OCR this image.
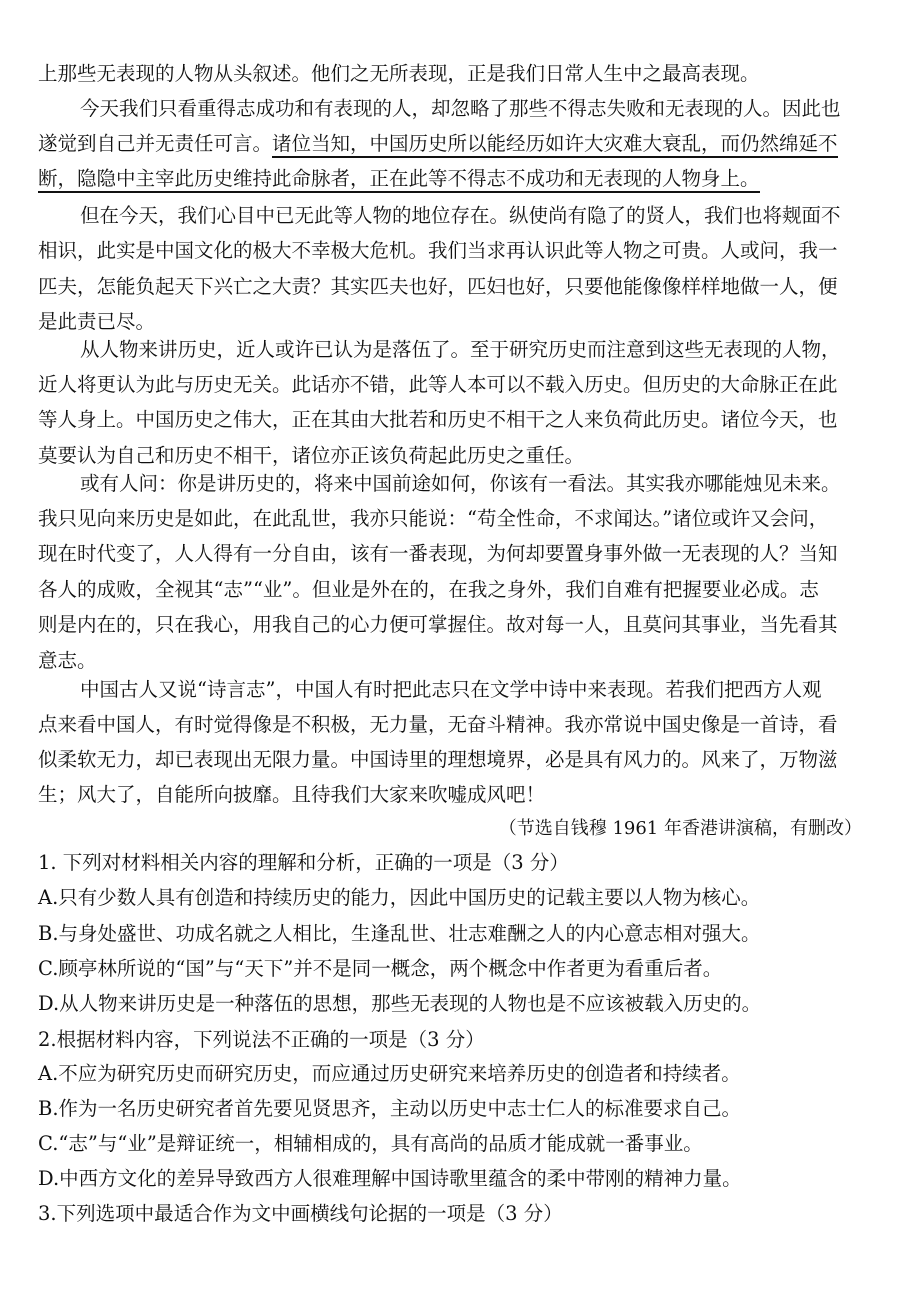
上那些无表现的人物从头叙述。他们之无所表现，正是我们日常人生中之最高表现。
今天我们只看重得志成功和有表现的人，却忽略了那些不得志失败和无表现的人。因此也
遂觉到自己并无责任可言。诸位当知，中国历史所以能经历如许大灾难大衰乱，而仍然绵延不
断，隐隐中主宰此历史维持此命脉者，正在此等不得志不成功和无表现的人物身上。
但在今天，我们心目中已无此等人物的地位存在。纵使尚有隐了的贤人，我们也将觌面不
相识，此实是中国文化的极大不幸极大危机。我们当求再认识此等人物之可贵。人或问，我一
匹夫，怎能负起天下兴亡之大责？其实匹夫也好，匹妇也好，只要他能像像样样地做一人，便
是此责已尽。
从人物来讲历史，近人或许已认为是落伍了。至于研究历史而注意到这些无表现的人物，
近人将更认为此与历史无关。此话亦不错，此等人本可以不载入历史。但历史的大命脉正在此
等人身上。中国历史之伟大，正在其由大批若和历史不相干之人来负荷此历史。诸位今天，也
莫要认为自己和历史不相干，诸位亦正该负荷起此历史之重任。
或有人问：你是讲历史的，将来中国前途如何，你该有一看法。其实我亦哪能烛见未来。
我只见向来历史是如此，在此乱世，我亦只能说：“苟全性命，不求闻达。”诸位或许又会问，
现在时代变了，人人得有一分自由，该有一番表现，为何却要置身事外做一无表现的人？当知
各人的成败，全视其“志”“业”。但业是外在的，在我之身外，我们自难有把握要业必成。志
则是内在的，只在我心，用我自己的心力便可掌握住。故对每一人，且莫问其事业，当先看其
意志。
中国古人又说“诗言志”，中国人有时把此志只在文学中诗中来表现。若我们把西方人观
点来看中国人，有时觉得像是不积极，无力量，无奋斗精神。我亦常说中国史像是一首诗，看
似柔软无力，却已表现出无限力量。中国诗里的理想境界，必是具有风力的。风来了，万物滋
生；风大了，自能所向披靡。且待我们大家来吹嘘成风吧！
（节选自钱穆 1961 年香港讲演稿，有删改）
1. 下列对材料相关内容的理解和分析，正确的一项是（3 分）
A.只有少数人具有创造和持续历史的能力，因此中国历史的记载主要以人物为核心。
B.与身处盛世、功成名就之人相比，生逢乱世、壮志难酬之人的内心意志相对强大。
C.顾亭林所说的“国”与“天下”并不是同一概念，两个概念中作者更为看重后者。
D.从人物来讲历史是一种落伍的思想，那些无表现的人物也是不应该被载入历史的。
2.根据材料内容，下列说法不正确的一项是（3 分）
A.不应为研究历史而研究历史，而应通过历史研究来培养历史的创造者和持续者。
B.作为一名历史研究者首先要见贤思齐，主动以历史中志士仁人的标准要求自己。
C.“志”与“业”是辩证统一，相辅相成的，具有高尚的品质才能成就一番事业。
D.中西方文化的差异导致西方人很难理解中国诗歌里蕴含的柔中带刚的精神力量。
3.下列选项中最适合作为文中画横线句论据的一项是（3 分）
